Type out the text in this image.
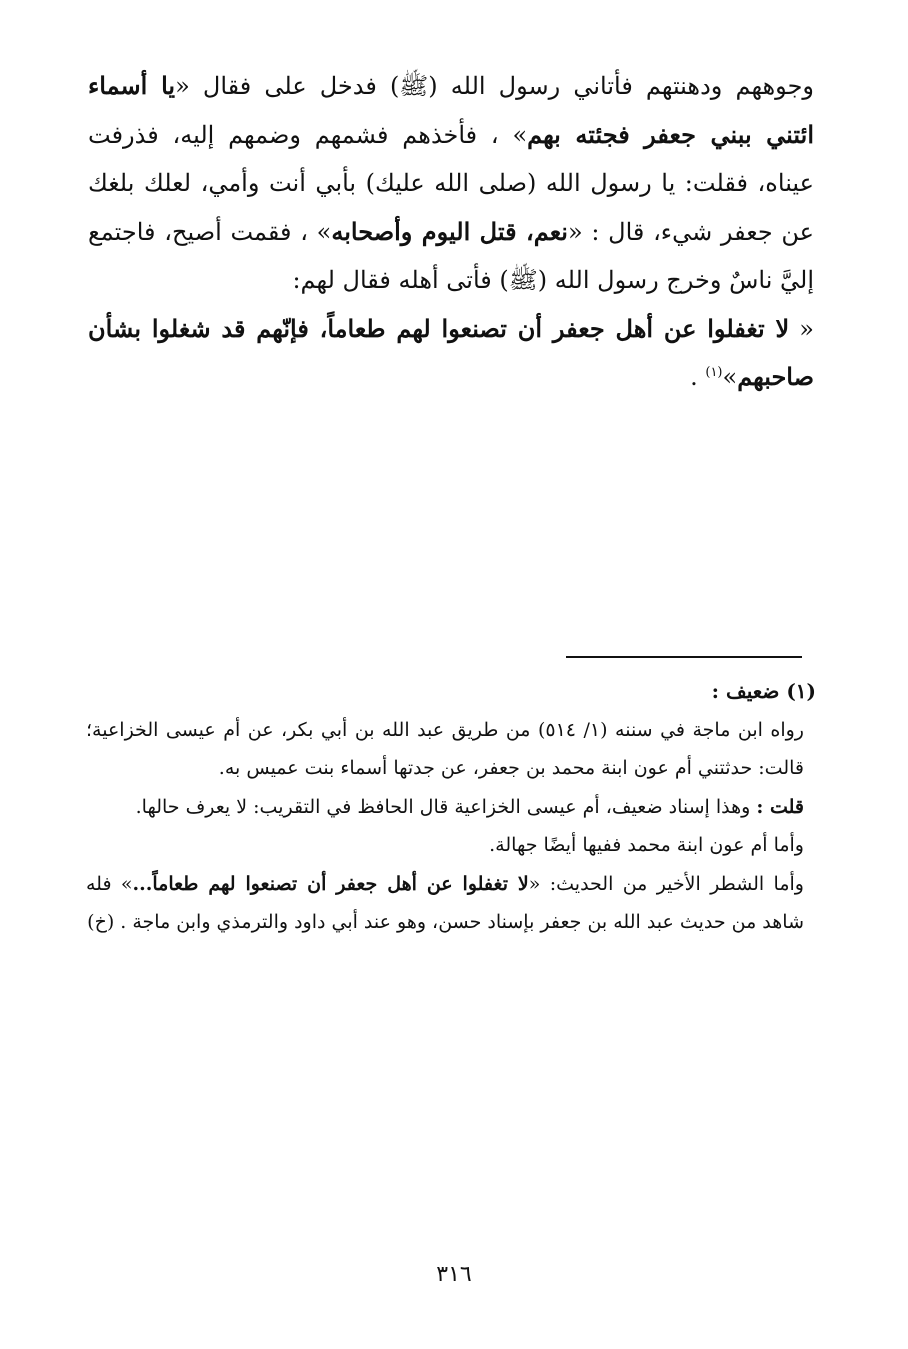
وجوههم ودهنتهم فأتاني رسول الله (ﷺ) فدخل على فقال «يا أسماء ائتني ببني جعفر فجئته بهم» ، فأخذهم فشمهم وضمهم إليه، فذرفت عيناه، فقلت: يا رسول الله (صلى الله عليك) بأبي أنت وأمي، لعلك بلغك عن جعفر شيء، قال : «نعم، قتل اليوم وأصحابه» ، فقمت أصيح، فاجتمع إليَّ ناسٌ وخرج رسول الله (ﷺ) فأتى أهله فقال لهم:

« لا تغفلوا عن أهل جعفر أن تصنعوا لهم طعاماً، فإنّهم قد شغلوا بشأن صاحبهم»$^{(١)}$ .

(١) ضعيف :

رواه ابن ماجة في سننه (١/ ٥١٤) من طريق عبد الله بن أبي بكر، عن أم عيسى الخزاعية؛ قالت: حدثتني أم عون ابنة محمد بن جعفر، عن جدتها أسماء بنت عميس به.

قلت : وهذا إسناد ضعيف، أم عيسى الخزاعية قال الحافظ في التقريب: لا يعرف حالها.

وأما أم عون ابنة محمد ففيها أيضًا جهالة.

وأما الشطر الأخير من الحديث: «لا تغفلوا عن أهل جعفر أن تصنعوا لهم طعاماً...» فله شاهد من حديث عبد الله بن جعفر بإسناد حسن، وهو عند أبي داود والترمذي وابن ماجة . (خ)

٣١٦
